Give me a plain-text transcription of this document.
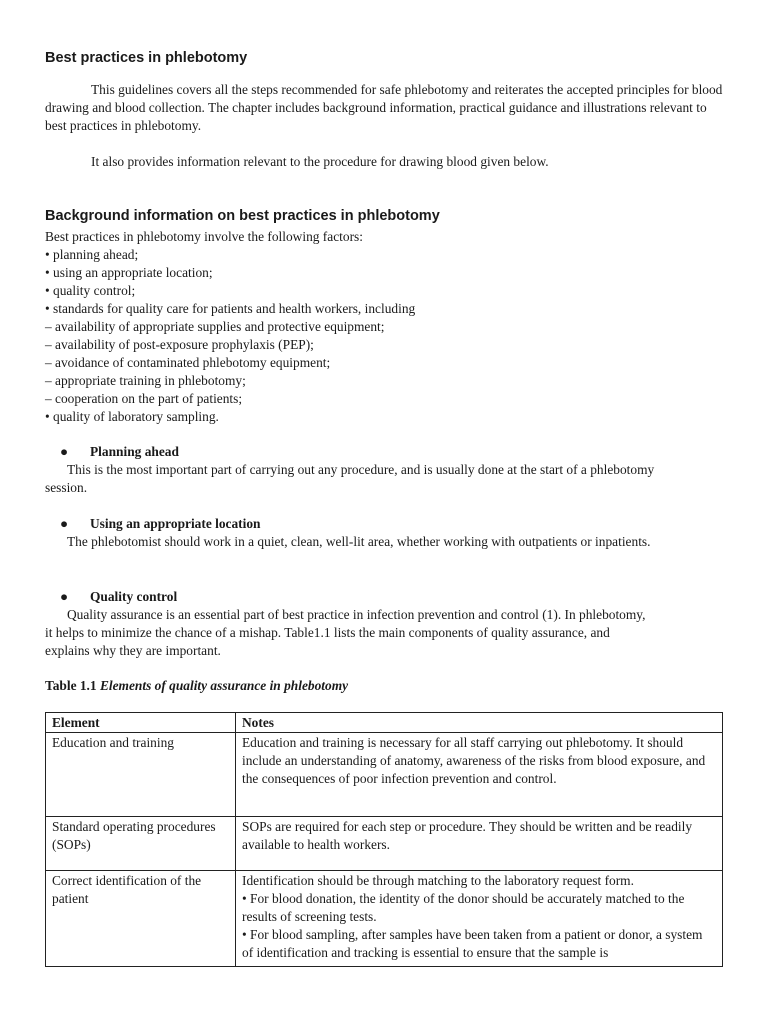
Best practices in phlebotomy

This guidelines covers all the steps recommended for safe phlebotomy and reiterates the accepted principles for blood drawing and blood collection. The chapter includes background information, practical guidance and illustrations relevant to best practices in phlebotomy.

It also provides information relevant to the procedure for drawing blood given below.

Background information on best practices in phlebotomy
Best practices in phlebotomy involve the following factors:
• planning ahead;
• using an appropriate location;
• quality control;
• standards for quality care for patients and health workers, including
– availability of appropriate supplies and protective equipment;
– availability of post-exposure prophylaxis (PEP);
– avoidance of contaminated phlebotomy equipment;
– appropriate training in phlebotomy;
– cooperation on the part of patients;
• quality of laboratory sampling.
● Planning ahead

This is the most important part of carrying out any procedure, and is usually done at the start of a phlebotomy session.

● Using an appropriate location

The phlebotomist should work in a quiet, clean, well-lit area, whether working with outpatients or inpatients.

● Quality control

Quality assurance is an essential part of best practice in infection prevention and control (1). In phlebotomy, it helps to minimize the chance of a mishap. Table1.1 lists the main components of quality assurance, and explains why they are important.

Table 1.1 Elements of quality assurance in phlebotomy
Element	Notes
Education and training	Education and training is necessary for all staff carrying out phlebotomy. It should include an understanding of anatomy, awareness of the risks from blood exposure, and the consequences of poor infection prevention and control.

Standard operating procedures (SOPs)	SOPs are required for each step or procedure. They should be written and be readily available to health workers.

Correct identification of the patient	Identification should be through matching to the laboratory request form.
• For blood donation, the identity of the donor should be accurately matched to the results of screening tests.
• For blood sampling, after samples have been taken from a patient or donor, a system of identification and tracking is essential to ensure that the sample is
